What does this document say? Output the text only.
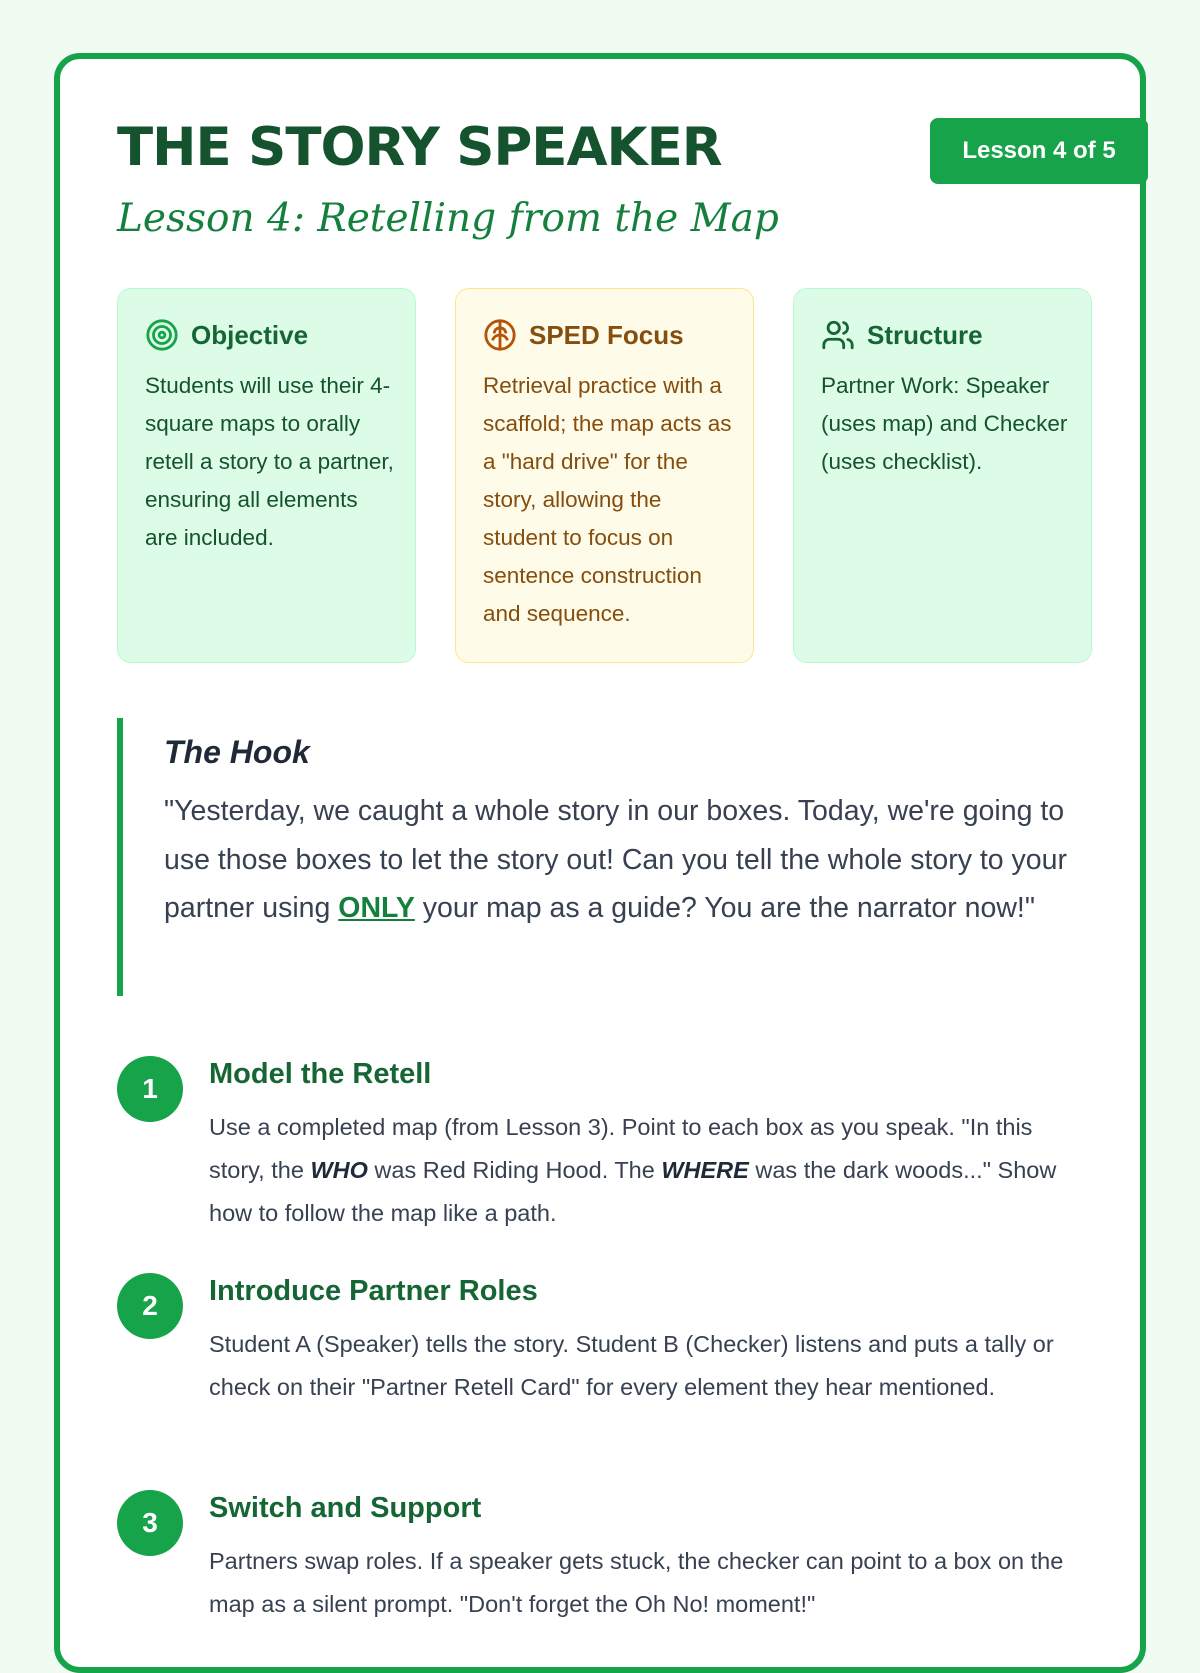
THE STORY SPEAKER	Lesson 4 of 5
Lesson 4: Retelling from the Map
Objective
Students will use their 4-square maps to orally retell a story to a partner, ensuring all elements are included.
SPED Focus
Retrieval practice with a scaffold; the map acts as a "hard drive" for the story, allowing the student to focus on sentence construction and sequence.
Structure
Partner Work: Speaker (uses map) and Checker (uses checklist).
The Hook
"Yesterday, we caught a whole story in our boxes. Today, we're going to use those boxes to let the story out! Can you tell the whole story to your partner using ONLY your map as a guide? You are the narrator now!"
1	Model the Retell
Use a completed map (from Lesson 3). Point to each box as you speak. "In this story, the WHO was Red Riding Hood. The WHERE was the dark woods..." Show how to follow the map like a path.
2	Introduce Partner Roles
Student A (Speaker) tells the story. Student B (Checker) listens and puts a tally or check on their "Partner Retell Card" for every element they hear mentioned.
3	Switch and Support
Partners swap roles. If a speaker gets stuck, the checker can point to a box on the map as a silent prompt. "Don't forget the Oh No! moment!"
